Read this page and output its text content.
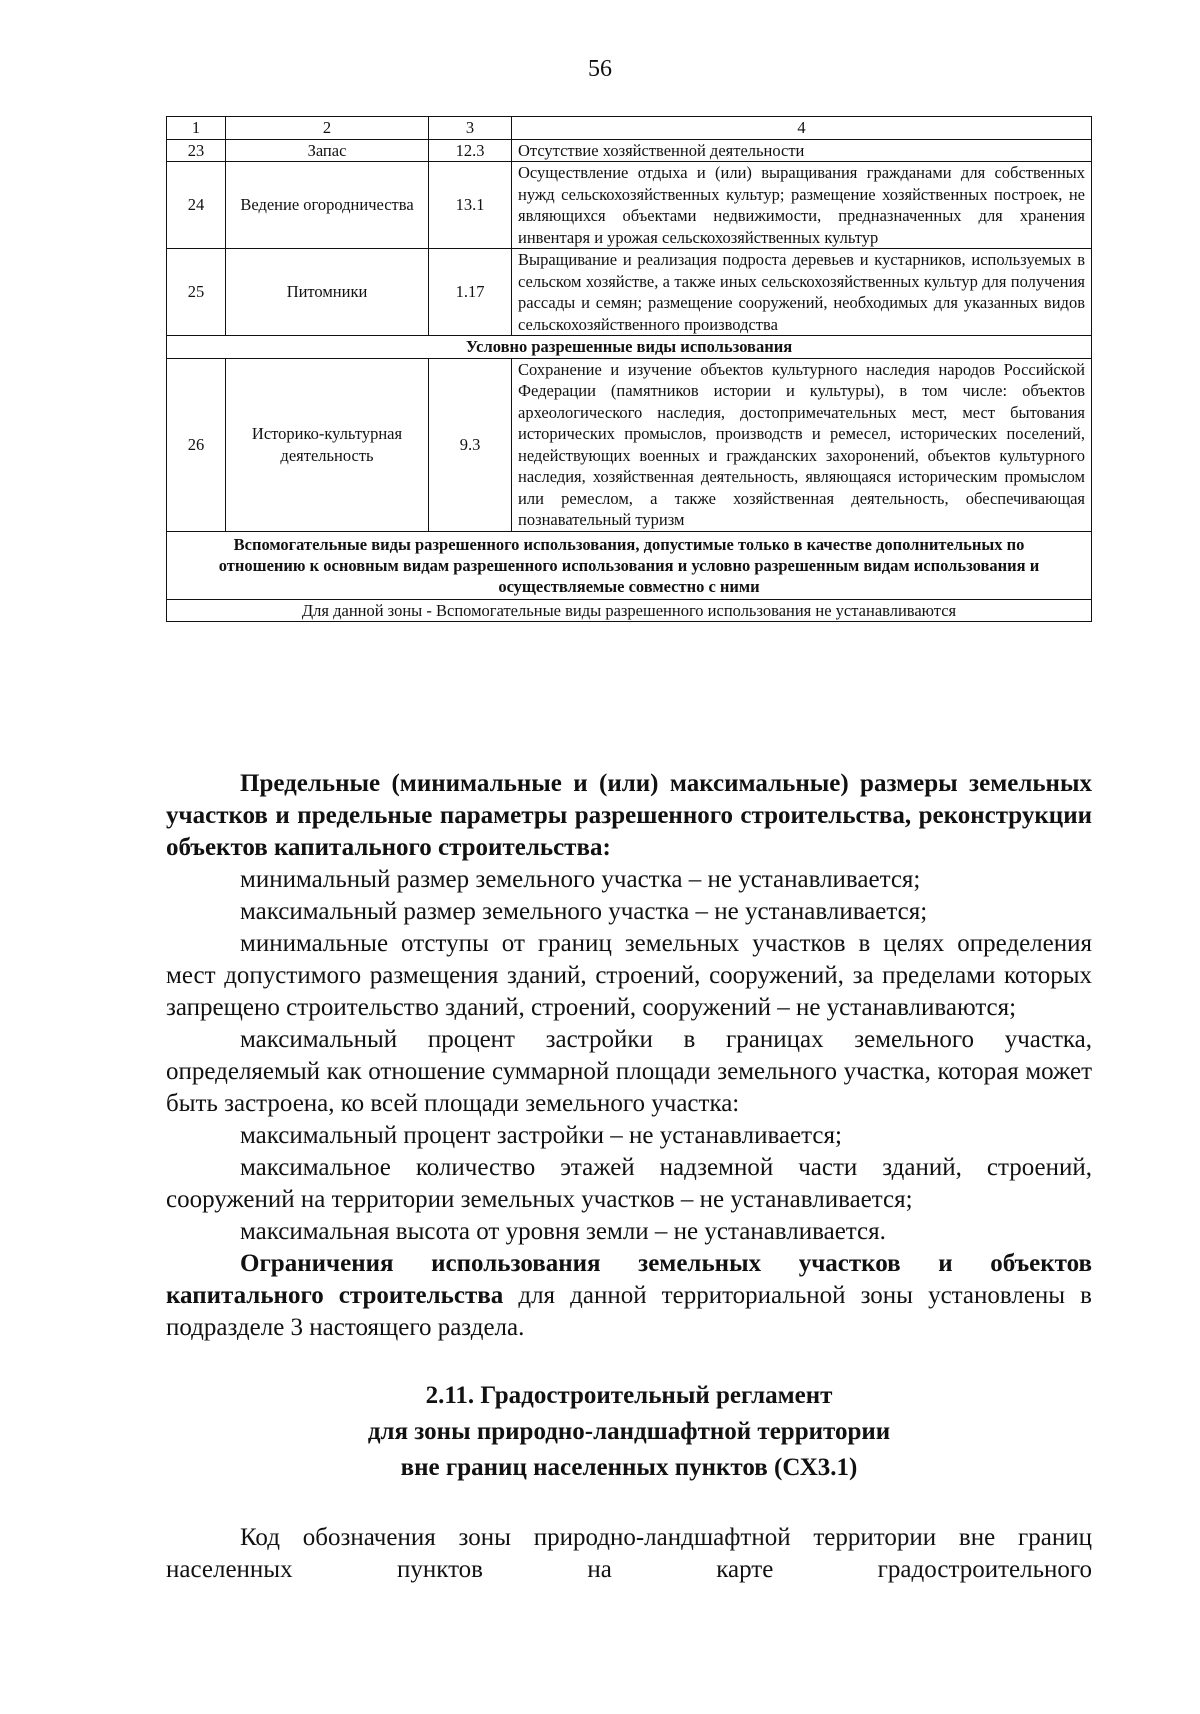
56
1	2	3	4
23	Запас	12.3	Отсутствие хозяйственной деятельности
24	Ведение огородничества	13.1	Осуществление отдыха и (или) выращивания гражданами для собственных нужд сельскохозяйственных культур; размещение хозяйственных построек, не являющихся объектами недвижимости, предназначенных для хранения инвентаря и урожая сельскохозяйственных культур
25	Питомники	1.17	Выращивание и реализация подроста деревьев и кустарников, используемых в сельском хозяйстве, а также иных сельскохозяйственных культур для получения рассады и семян; размещение сооружений, необходимых для указанных видов сельскохозяйственного производства
Условно разрешенные виды использования			
26	Историко-культурная деятельность	9.3	Сохранение и изучение объектов культурного наследия народов Российской Федерации (памятников истории и культуры), в том числе: объектов археологического наследия, достопримечательных мест, мест бытования исторических промыслов, производств и ремесел, исторических поселений, недействующих военных и гражданских захоронений, объектов культурного наследия, хозяйственная деятельность, являющаяся историческим промыслом или ремеслом, а также хозяйственная деятельность, обеспечивающая познавательный туризм
Вспомогательные виды разрешенного использования, допустимые только в качестве дополнительных по отношению к основным видам разрешенного использования и условно разрешенным видам использования и осуществляемые совместно с ними			
Для данной зоны - Вспомогательные виды разрешенного использования не устанавливаются			

Предельные (минимальные и (или) максимальные) размеры земельных участков и предельные параметры разрешенного строительства, реконструкции объектов капитального строительства:

минимальный размер земельного участка – не устанавливается;

максимальный размер земельного участка – не устанавливается;

минимальные отступы от границ земельных участков в целях определения мест допустимого размещения зданий, строений, сооружений, за пределами которых запрещено строительство зданий, строений, сооружений – не устанавливаются;

максимальный процент застройки в границах земельного участка, определяемый как отношение суммарной площади земельного участка, которая может быть застроена, ко всей площади земельного участка:

максимальный процент застройки – не устанавливается;

максимальное количество этажей надземной части зданий, строений, сооружений на территории земельных участков – не устанавливается;

максимальная высота от уровня земли – не устанавливается.

Ограничения использования земельных участков и объектов капитального строительства для данной территориальной зоны установлены в подразделе 3 настоящего раздела.

2.11. Градостроительный регламент
для зоны природно-ландшафтной территории
вне границ населенных пунктов (СХ3.1)

Код обозначения зоны природно-ландшафтной территории вне границ населенных пунктов на карте градостроительного
